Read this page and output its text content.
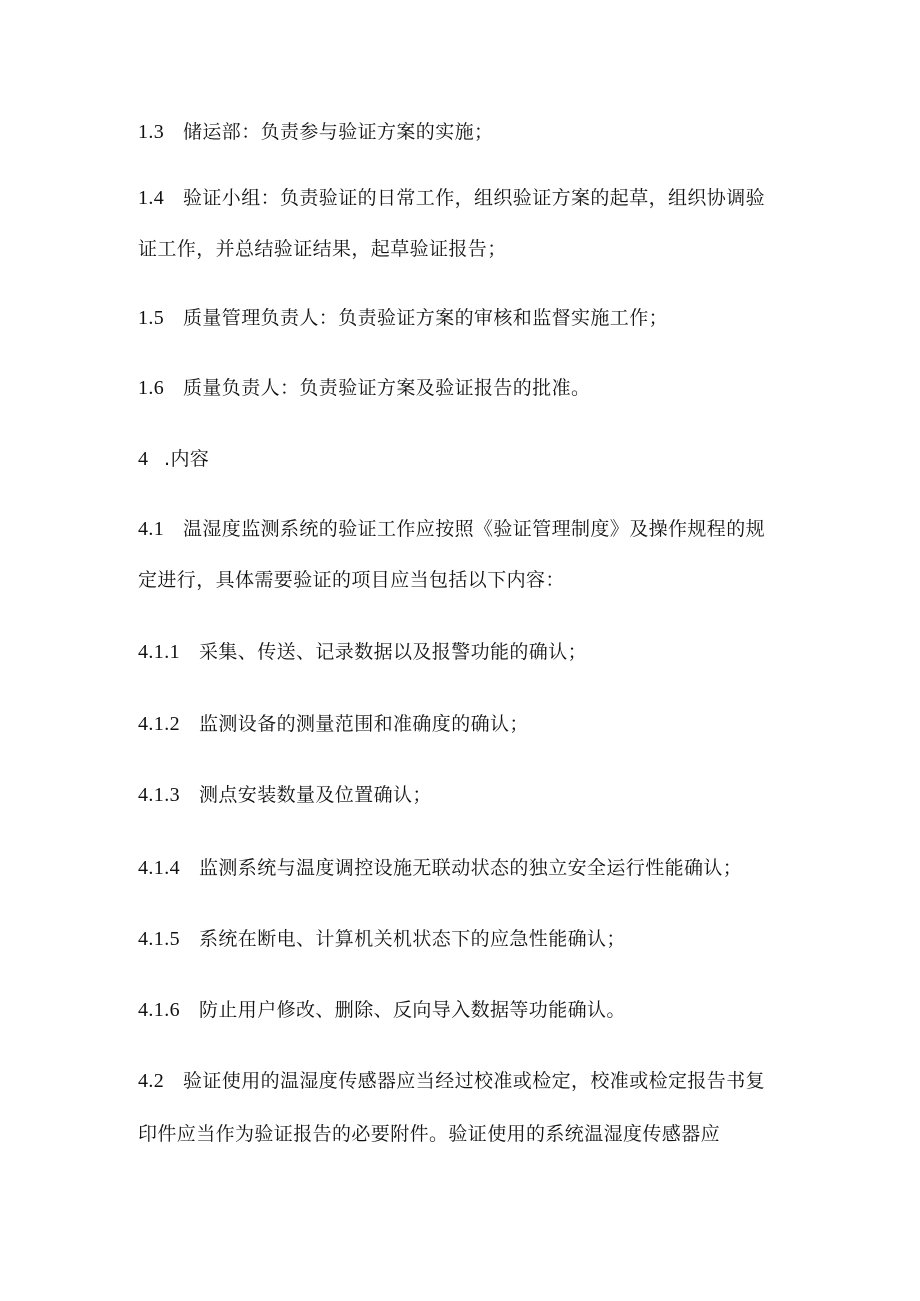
1.3 储运部：负责参与验证方案的实施；
1.4 验证小组：负责验证的日常工作，组织验证方案的起草，组织协调验
证工作，并总结验证结果，起草验证报告；
1.5 质量管理负责人：负责验证方案的审核和监督实施工作；
1.6 质量负责人：负责验证方案及验证报告的批准。
4 .内容
4.1 温湿度监测系统的验证工作应按照《验证管理制度》及操作规程的规
定进行，具体需要验证的项目应当包括以下内容：
4.1.1 采集、传送、记录数据以及报警功能的确认；
4.1.2 监测设备的测量范围和准确度的确认；
4.1.3 测点安装数量及位置确认；
4.1.4 监测系统与温度调控设施无联动状态的独立安全运行性能确认；
4.1.5 系统在断电、计算机关机状态下的应急性能确认；
4.1.6 防止用户修改、删除、反向导入数据等功能确认。
4.2 验证使用的温湿度传感器应当经过校准或检定，校准或检定报告书复
印件应当作为验证报告的必要附件。验证使用的系统温湿度传感器应
